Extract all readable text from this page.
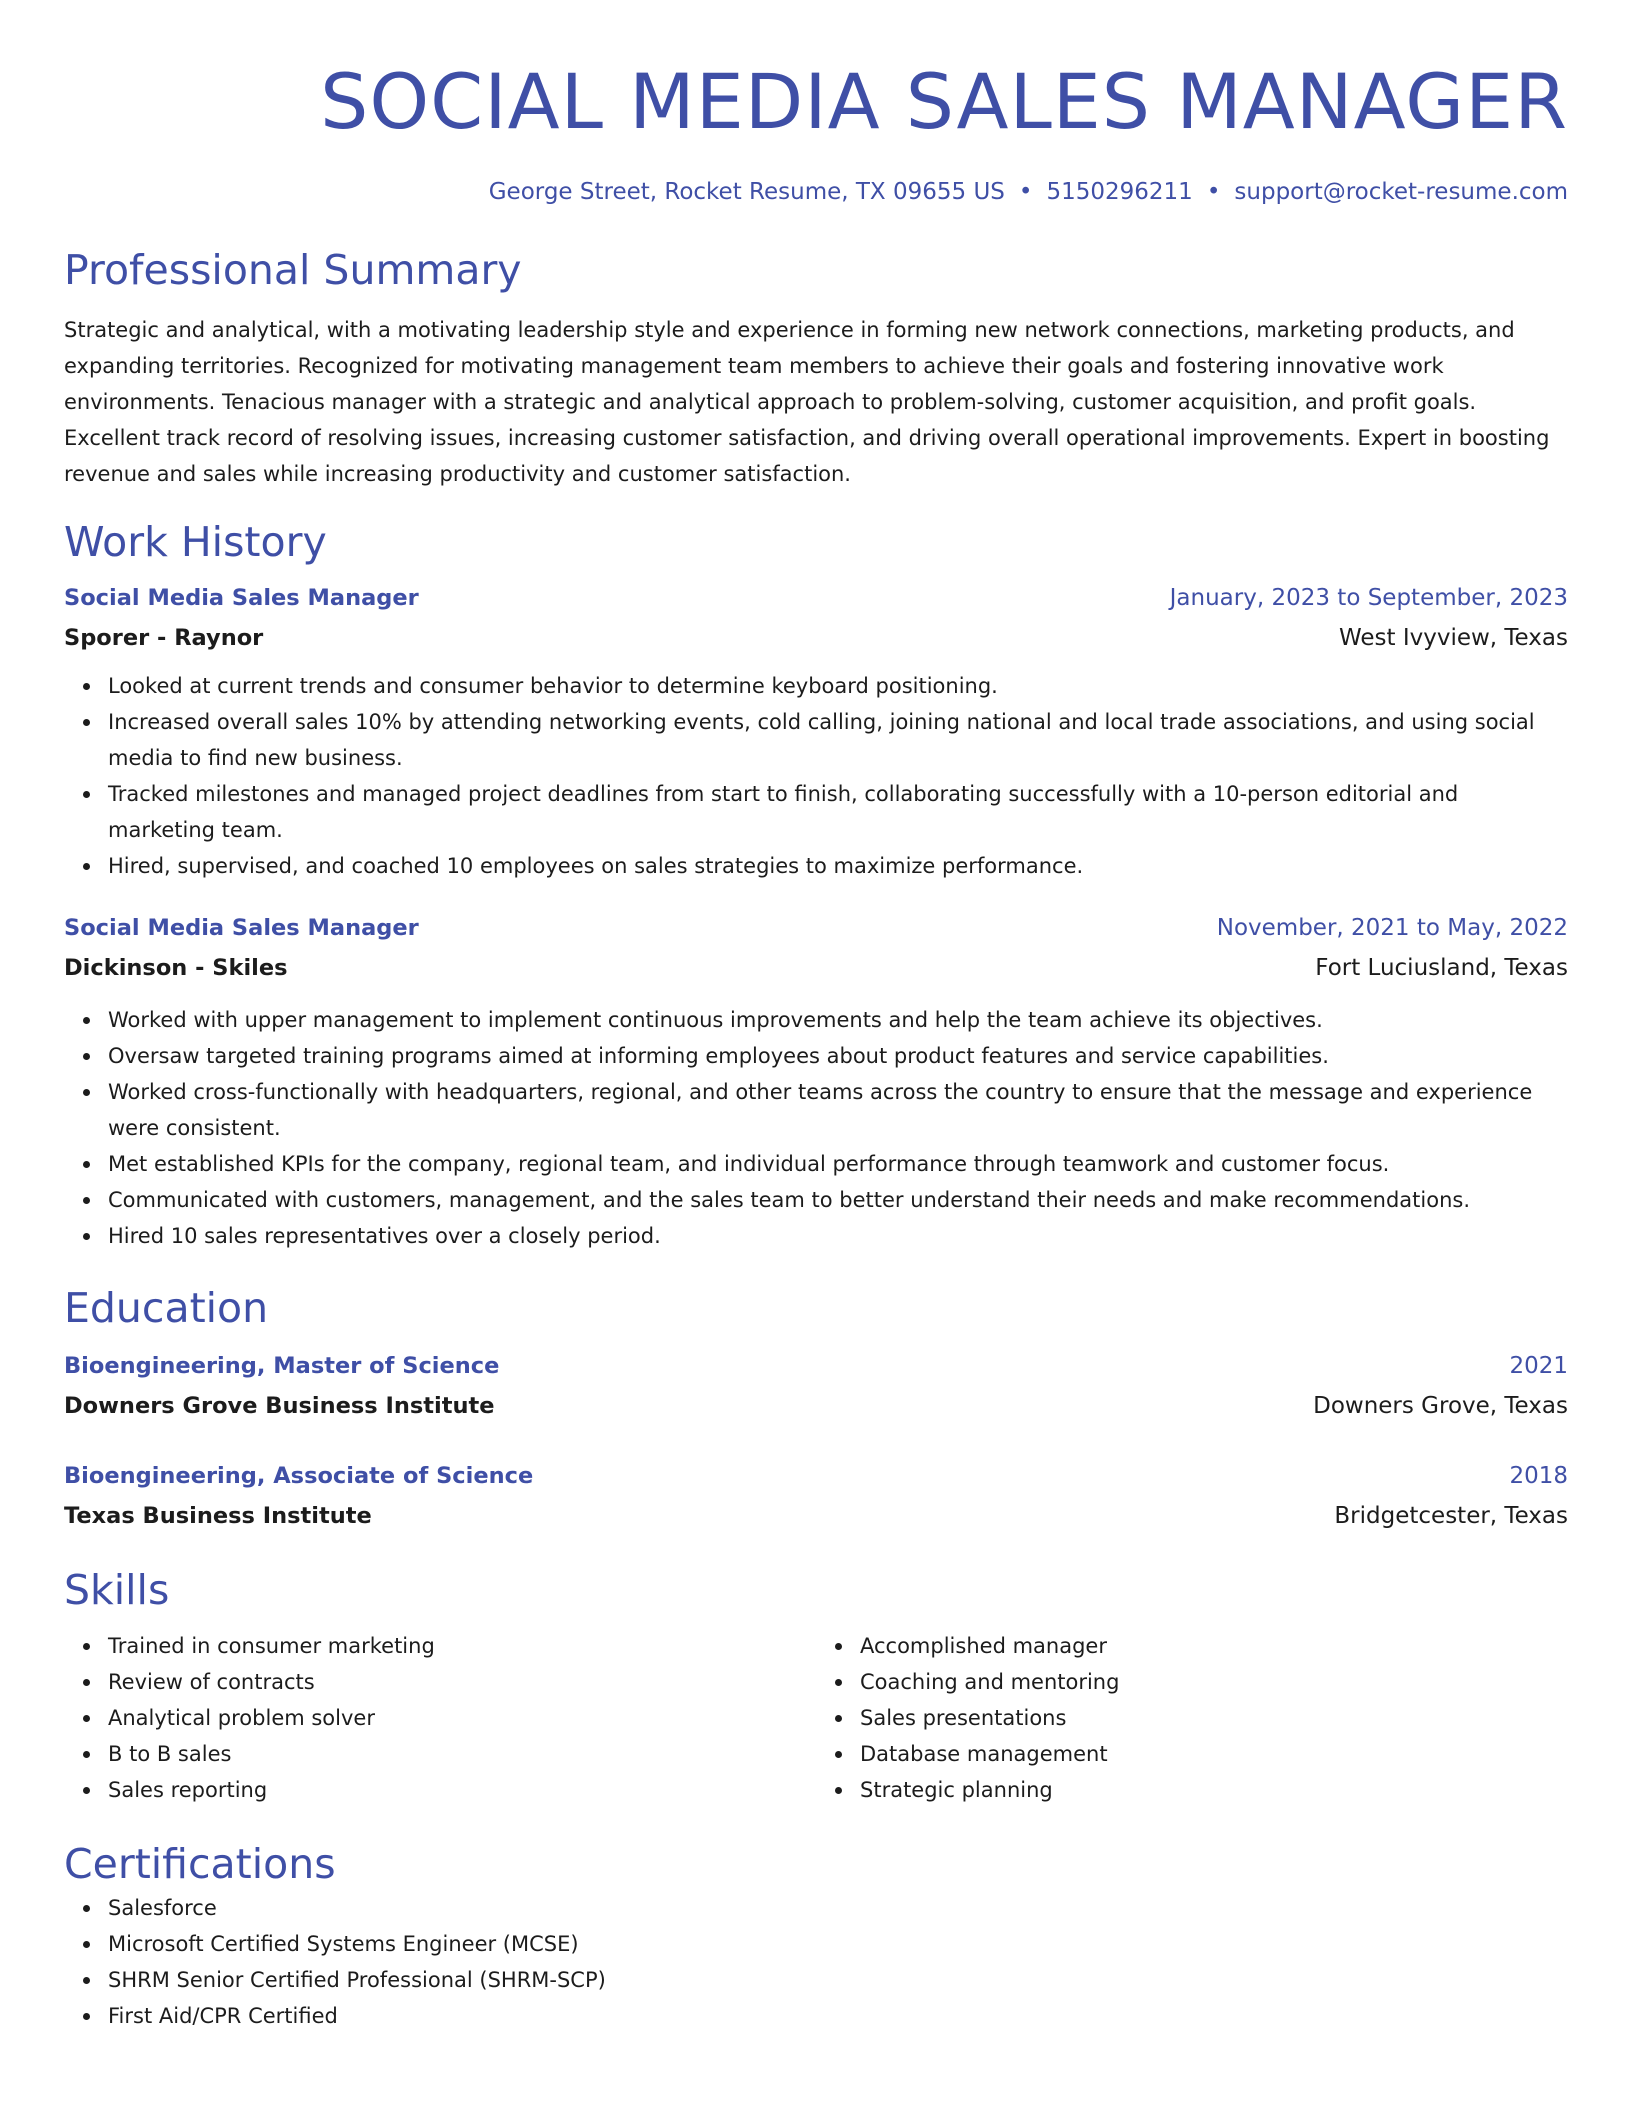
SOCIAL MEDIA SALES MANAGER
George Street, Rocket Resume, TX 09655 US • 5150296211 • support@rocket-resume.com
Professional Summary
Strategic and analytical, with a motivating leadership style and experience in forming new network connections, marketing products, and expanding territories. Recognized for motivating management team members to achieve their goals and fostering innovative work environments. Tenacious manager with a strategic and analytical approach to problem-solving, customer acquisition, and profit goals. Excellent track record of resolving issues, increasing customer satisfaction, and driving overall operational improvements. Expert in boosting revenue and sales while increasing productivity and customer satisfaction.
Work History
Social Media Sales Manager	January, 2023 to September, 2023
Sporer - Raynor	West Ivyview, Texas
Looked at current trends and consumer behavior to determine keyboard positioning.
Increased overall sales 10% by attending networking events, cold calling, joining national and local trade associations, and using social media to find new business.
Tracked milestones and managed project deadlines from start to finish, collaborating successfully with a 10-person editorial and marketing team.
Hired, supervised, and coached 10 employees on sales strategies to maximize performance.
Social Media Sales Manager	November, 2021 to May, 2022
Dickinson - Skiles	Fort Luciusland, Texas
Worked with upper management to implement continuous improvements and help the team achieve its objectives.
Oversaw targeted training programs aimed at informing employees about product features and service capabilities.
Worked cross-functionally with headquarters, regional, and other teams across the country to ensure that the message and experience were consistent.
Met established KPIs for the company, regional team, and individual performance through teamwork and customer focus.
Communicated with customers, management, and the sales team to better understand their needs and make recommendations.
Hired 10 sales representatives over a closely period.
Education
Bioengineering, Master of Science	2021
Downers Grove Business Institute	Downers Grove, Texas
Bioengineering, Associate of Science	2018
Texas Business Institute	Bridgetcester, Texas
Skills
Trained in consumer marketing
Review of contracts
Analytical problem solver
B to B sales
Sales reporting
Accomplished manager
Coaching and mentoring
Sales presentations
Database management
Strategic planning
Certifications
Salesforce
Microsoft Certified Systems Engineer (MCSE)
SHRM Senior Certified Professional (SHRM-SCP)
First Aid/CPR Certified
